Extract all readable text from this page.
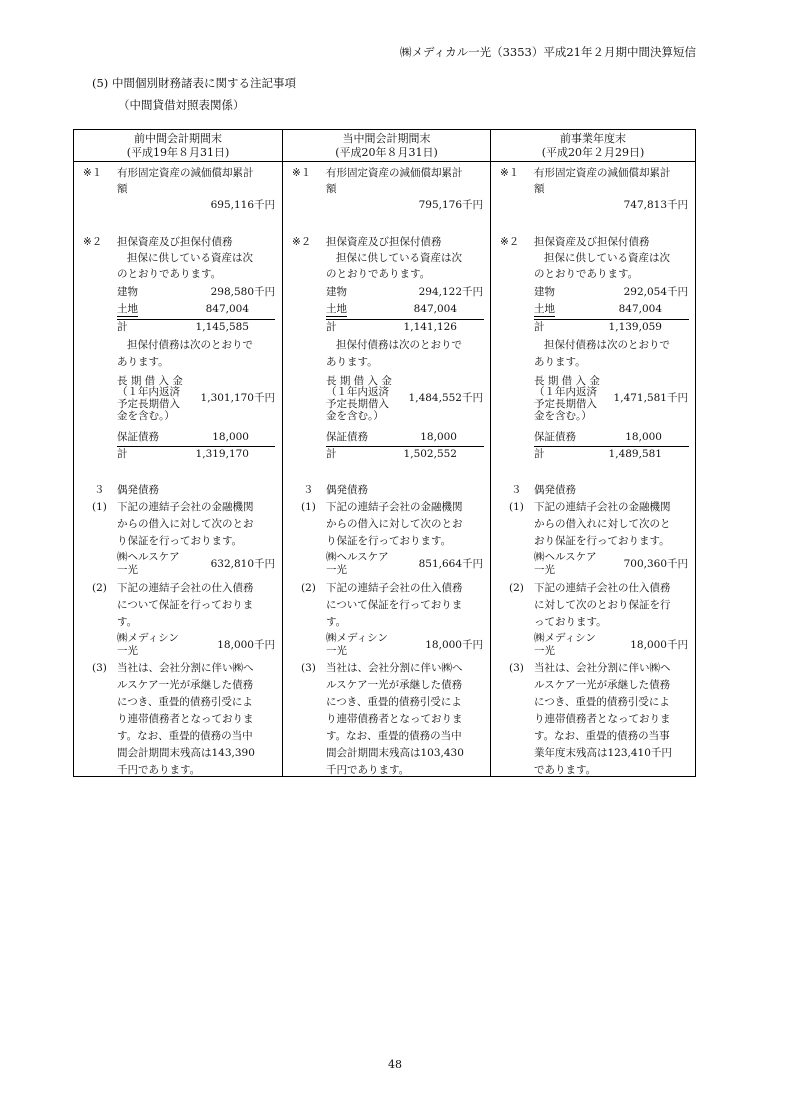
㈱メディカル一光（3353）平成21年２月期中間決算短信
(5) 中間個別財務諸表に関する注記事項
（中間貸借対照表関係）
前中間会計期間末
(平成19年８月31日)
※１ 有形固定資産の減価償却累計
額
695,116千円
※２ 担保資産及び担保付債務
担保に供している資産は次
のとおりであります。
建物	298,580千円
土地	847,004
計	1,145,585
担保付債務は次のとおりで
あります。
長 期 借 入 金
（１年内返済
予定長期借入
金を含む。）
1,301,170千円
保証債務	18,000
計	1,319,170
３ 偶発債務
(1) 下記の連結子会社の金融機関
からの借入に対して次のとお
り保証を行っております。
㈱ヘルスケア
一光	632,810千円
(2) 下記の連結子会社の仕入債務
について保証を行っておりま
す。
㈱メディシン
一光	18,000千円
(3) 当社は、会社分割に伴い㈱へ
ルスケア一光が承継した債務
につき、重畳的債務引受によ
り連帯債務者となっておりま
す。なお、重畳的債務の当中
間会計期間末残高は143,390
千円であります。
当中間会計期間末
(平成20年８月31日)
※１ 有形固定資産の減価償却累計
額
795,176千円
※２ 担保資産及び担保付債務
担保に供している資産は次
のとおりであります。
建物	294,122千円
土地	847,004
計	1,141,126
担保付債務は次のとおりで
あります。
長 期 借 入 金
（１年内返済
予定長期借入
金を含む。）
1,484,552千円
保証債務	18,000
計	1,502,552
３ 偶発債務
(1) 下記の連結子会社の金融機関
からの借入に対して次のとお
り保証を行っております。
㈱ヘルスケア
一光	851,664千円
(2) 下記の連結子会社の仕入債務
について保証を行っておりま
す。
㈱メディシン
一光	18,000千円
(3) 当社は、会社分割に伴い㈱へ
ルスケア一光が承継した債務
につき、重畳的債務引受によ
り連帯債務者となっておりま
す。なお、重畳的債務の当中
間会計期間末残高は103,430
千円であります。
前事業年度末
(平成20年２月29日)
※１ 有形固定資産の減価償却累計
額
747,813千円
※２ 担保資産及び担保付債務
担保に供している資産は次
のとおりであります。
建物	292,054千円
土地	847,004
計	1,139,059
担保付債務は次のとおりで
あります。
長 期 借 入 金
（１年内返済
予定長期借入
金を含む。）
1,471,581千円
保証債務	18,000
計	1,489,581
３ 偶発債務
(1) 下記の連結子会社の金融機関
からの借入れに対して次のと
おり保証を行っております。
㈱ヘルスケア
一光	700,360千円
(2) 下記の連結子会社の仕入債務
に対して次のとおり保証を行
っております。
㈱メディシン
一光	18,000千円
(3) 当社は、会社分割に伴い㈱ヘ
ルスケア一光が承継した債務
につき、重畳的債務引受によ
り連帯債務者となっておりま
す。なお、重畳的債務の当事
業年度末残高は123,410千円
であります。
48
